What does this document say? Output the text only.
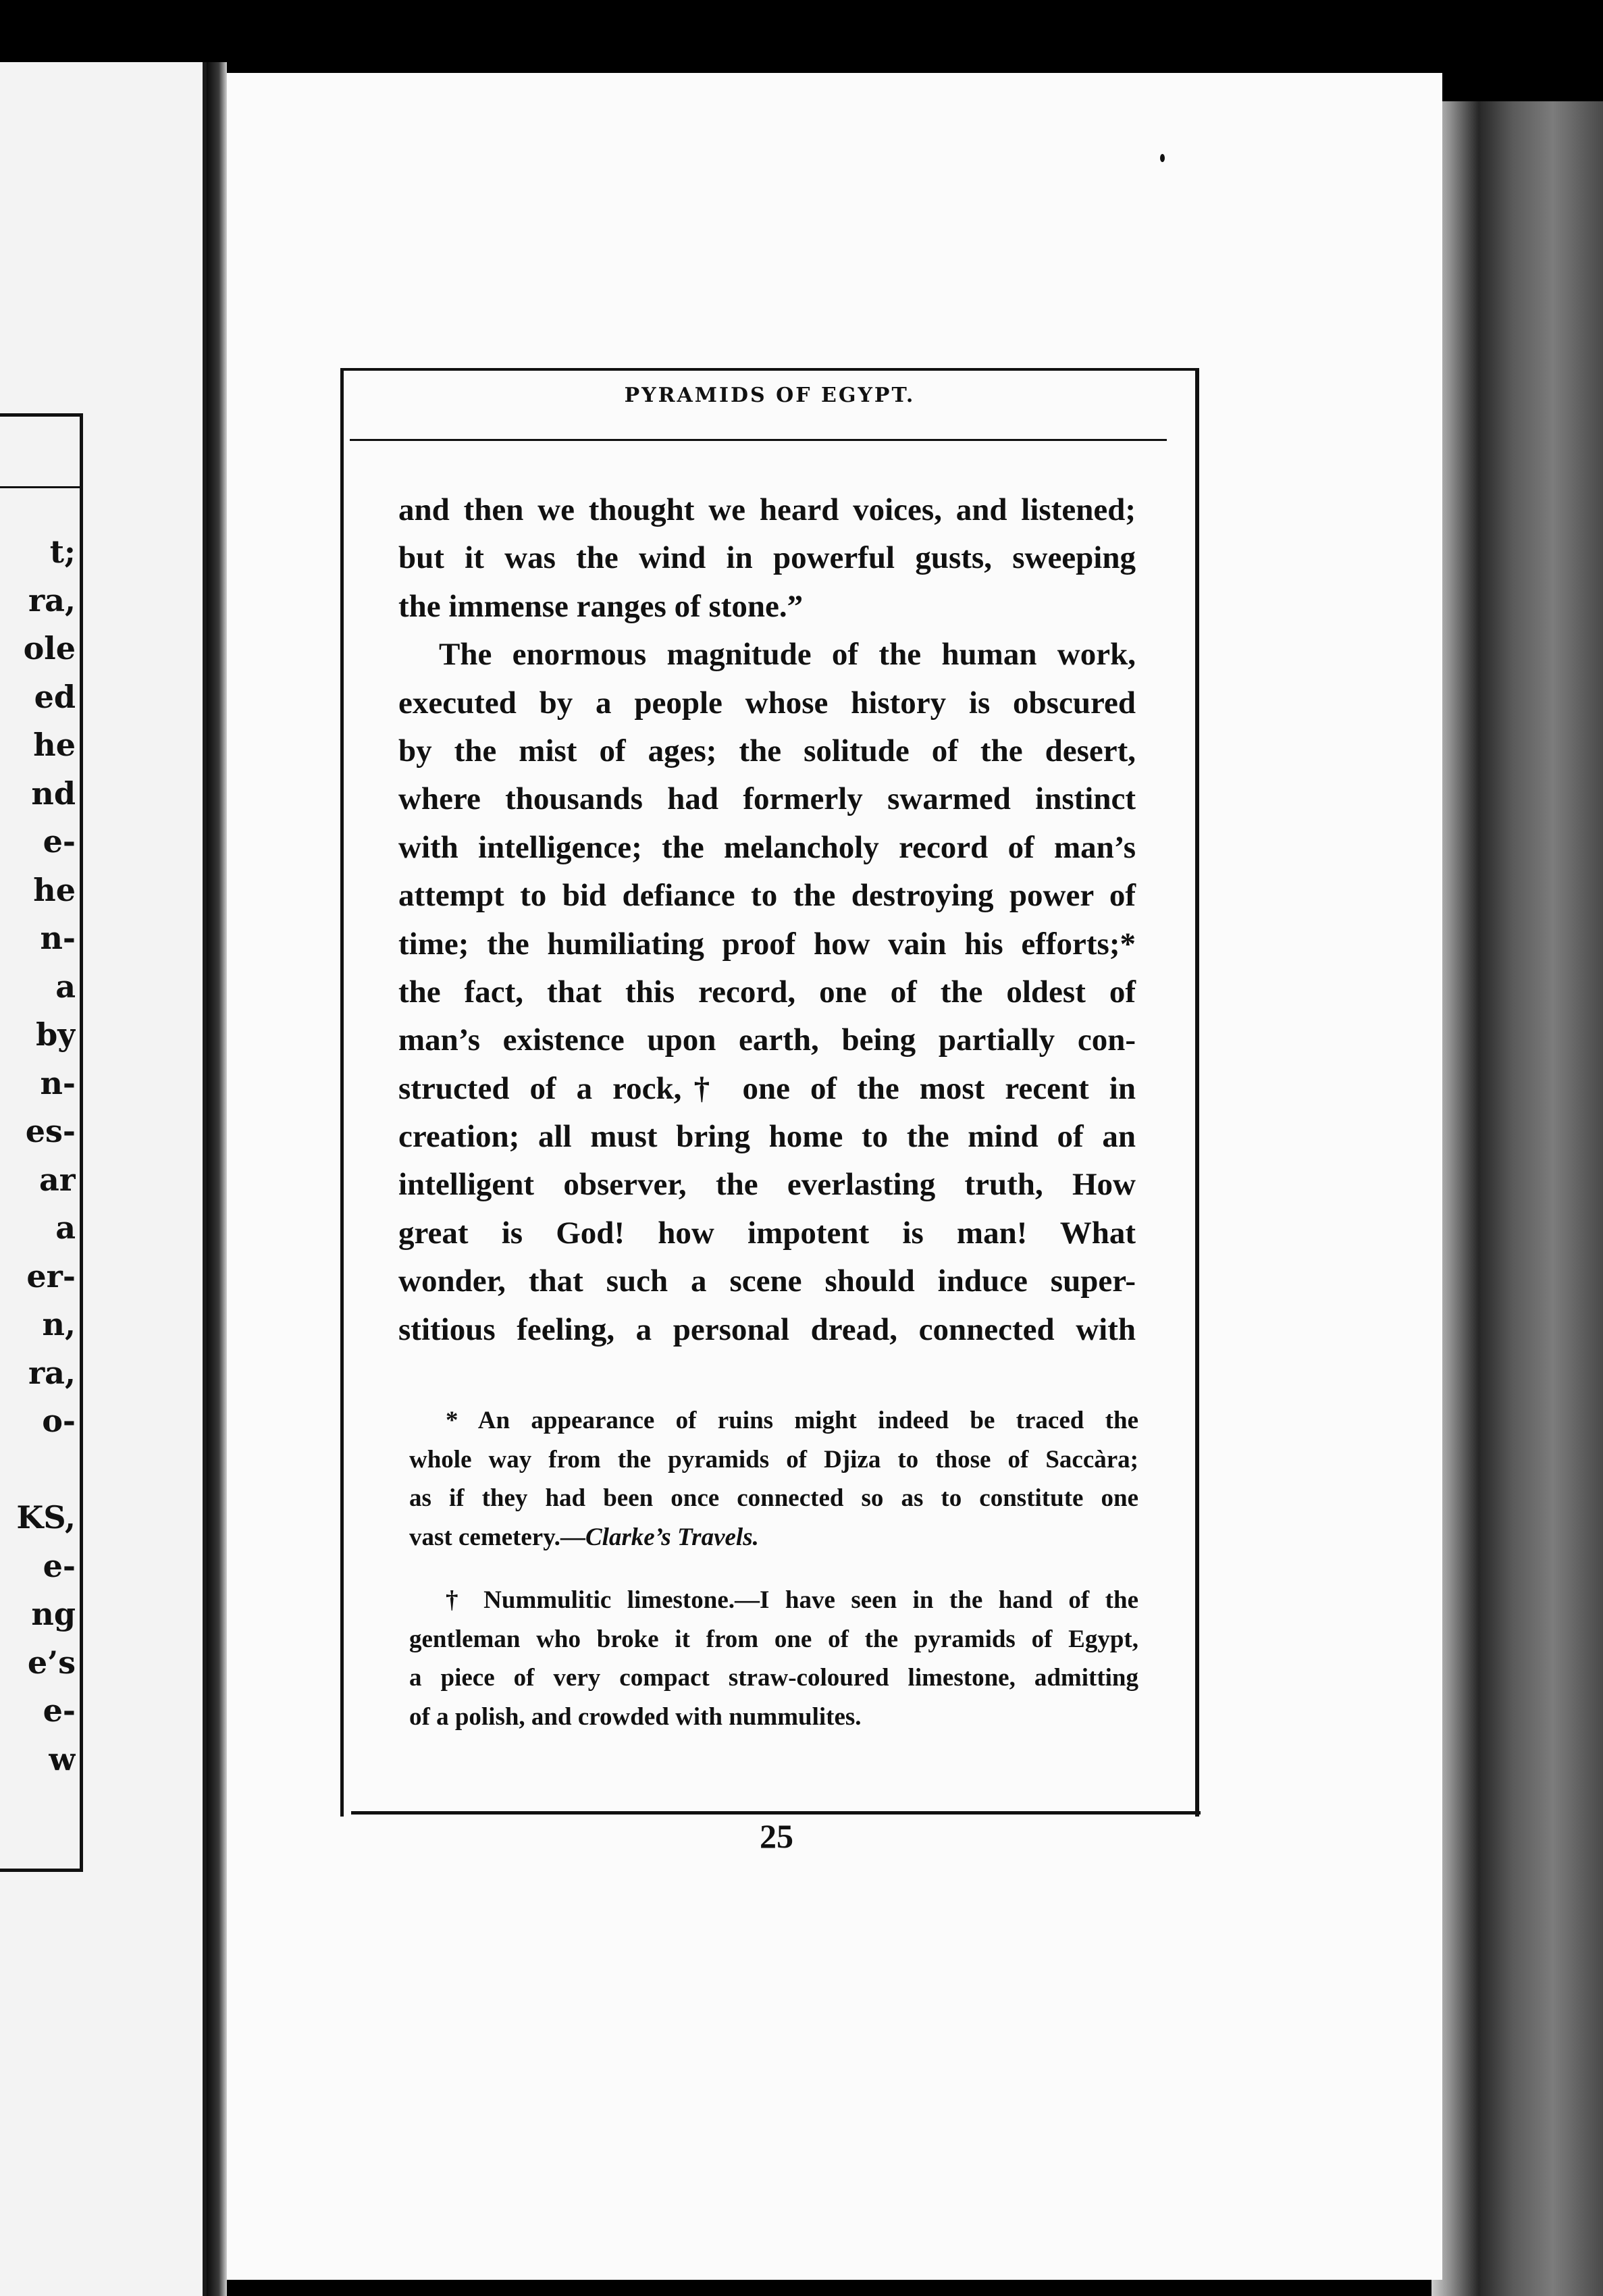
t;
ra,
ole
ed
he
nd
e-
he
n-
a
by
n-
es-
ar
a
er-
n,
ra,
o-
KS,
e-
ng
e’s
e-
w
PYRAMIDS OF EGYPT.
and then we thought we heard voices, and listened;
but it was the wind in powerful gusts, sweeping
the immense ranges of stone.”
The enormous magnitude of the human work,
executed by a people whose history is obscured
by the mist of ages; the solitude of the desert,
where thousands had formerly swarmed instinct
with intelligence; the melancholy record of man’s
attempt to bid defiance to the destroying power of
time; the humiliating proof how vain his efforts;*
the fact, that this record, one of the oldest of
man’s existence upon earth, being partially con-
structed of a rock,† one of the most recent in
creation; all must bring home to the mind of an
intelligent observer, the everlasting truth, How
great is God! how impotent is man! What
wonder, that such a scene should induce super-
stitious feeling, a personal dread, connected with
* An appearance of ruins might indeed be traced the
whole way from the pyramids of Djiza to those of Saccàra;
as if they had been once connected so as to constitute one
vast cemetery.—Clarke’s Travels.
† Nummulitic limestone.—I have seen in the hand of the
gentleman who broke it from one of the pyramids of Egypt,
a piece of very compact straw-coloured limestone, admitting
of a polish, and crowded with nummulites.
25
